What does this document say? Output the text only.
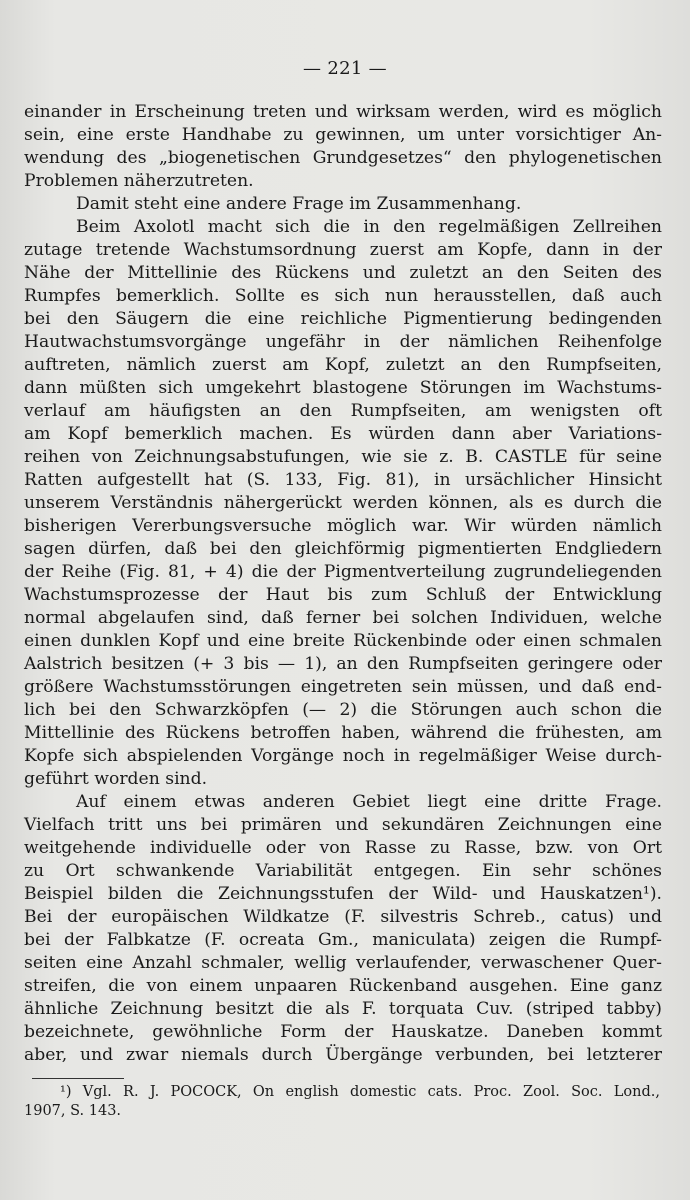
— 221 —
einander in Erscheinung treten und wirksam werden, wird es möglich
sein, eine erste Handhabe zu gewinnen, um unter vorsichtiger An-
wendung des „biogenetischen Grundgesetzes“ den phylogenetischen
Problemen näherzutreten.
Damit steht eine andere Frage im Zusammenhang.
Beim Axolotl macht sich die in den regelmäßigen Zellreihen
zutage tretende Wachstumsordnung zuerst am Kopfe, dann in der
Nähe der Mittellinie des Rückens und zuletzt an den Seiten des
Rumpfes bemerklich. Sollte es sich nun herausstellen, daß auch
bei den Säugern die eine reichliche Pigmentierung bedingenden
Hautwachstumsvorgänge ungefähr in der nämlichen Reihenfolge
auftreten, nämlich zuerst am Kopf, zuletzt an den Rumpfseiten,
dann müßten sich umgekehrt blastogene Störungen im Wachstums-
verlauf am häufigsten an den Rumpfseiten, am wenigsten oft
am Kopf bemerklich machen. Es würden dann aber Variations-
reihen von Zeichnungsabstufungen, wie sie z. B. CASTLE für seine
Ratten aufgestellt hat (S. 133, Fig. 81), in ursächlicher Hinsicht
unserem Verständnis nähergerückt werden können, als es durch die
bisherigen Vererbungsversuche möglich war. Wir würden nämlich
sagen dürfen, daß bei den gleichförmig pigmentierten Endgliedern
der Reihe (Fig. 81, + 4) die der Pigmentverteilung zugrundeliegenden
Wachstumsprozesse der Haut bis zum Schluß der Entwicklung
normal abgelaufen sind, daß ferner bei solchen Individuen, welche
einen dunklen Kopf und eine breite Rückenbinde oder einen schmalen
Aalstrich besitzen (+ 3 bis — 1), an den Rumpfseiten geringere oder
größere Wachstumsstörungen eingetreten sein müssen, und daß end-
lich bei den Schwarzköpfen (— 2) die Störungen auch schon die
Mittellinie des Rückens betroffen haben, während die frühesten, am
Kopfe sich abspielenden Vorgänge noch in regelmäßiger Weise durch-
geführt worden sind.
Auf einem etwas anderen Gebiet liegt eine dritte Frage.
Vielfach tritt uns bei primären und sekundären Zeichnungen eine
weitgehende individuelle oder von Rasse zu Rasse, bzw. von Ort
zu Ort schwankende Variabilität entgegen. Ein sehr schönes
Beispiel bilden die Zeichnungsstufen der Wild- und Hauskatzen¹).
Bei der europäischen Wildkatze (F. silvestris Schreb., catus) und
bei der Falbkatze (F. ocreata Gm., maniculata) zeigen die Rumpf-
seiten eine Anzahl schmaler, wellig verlaufender, verwaschener Quer-
streifen, die von einem unpaaren Rückenband ausgehen. Eine ganz
ähnliche Zeichnung besitzt die als F. torquata Cuv. (striped tabby)
bezeichnete, gewöhnliche Form der Hauskatze. Daneben kommt
aber, und zwar niemals durch Übergänge verbunden, bei letzterer
¹) Vgl. R. J. POCOCK, On english domestic cats. Proc. Zool. Soc. Lond.,
1907, S. 143.
